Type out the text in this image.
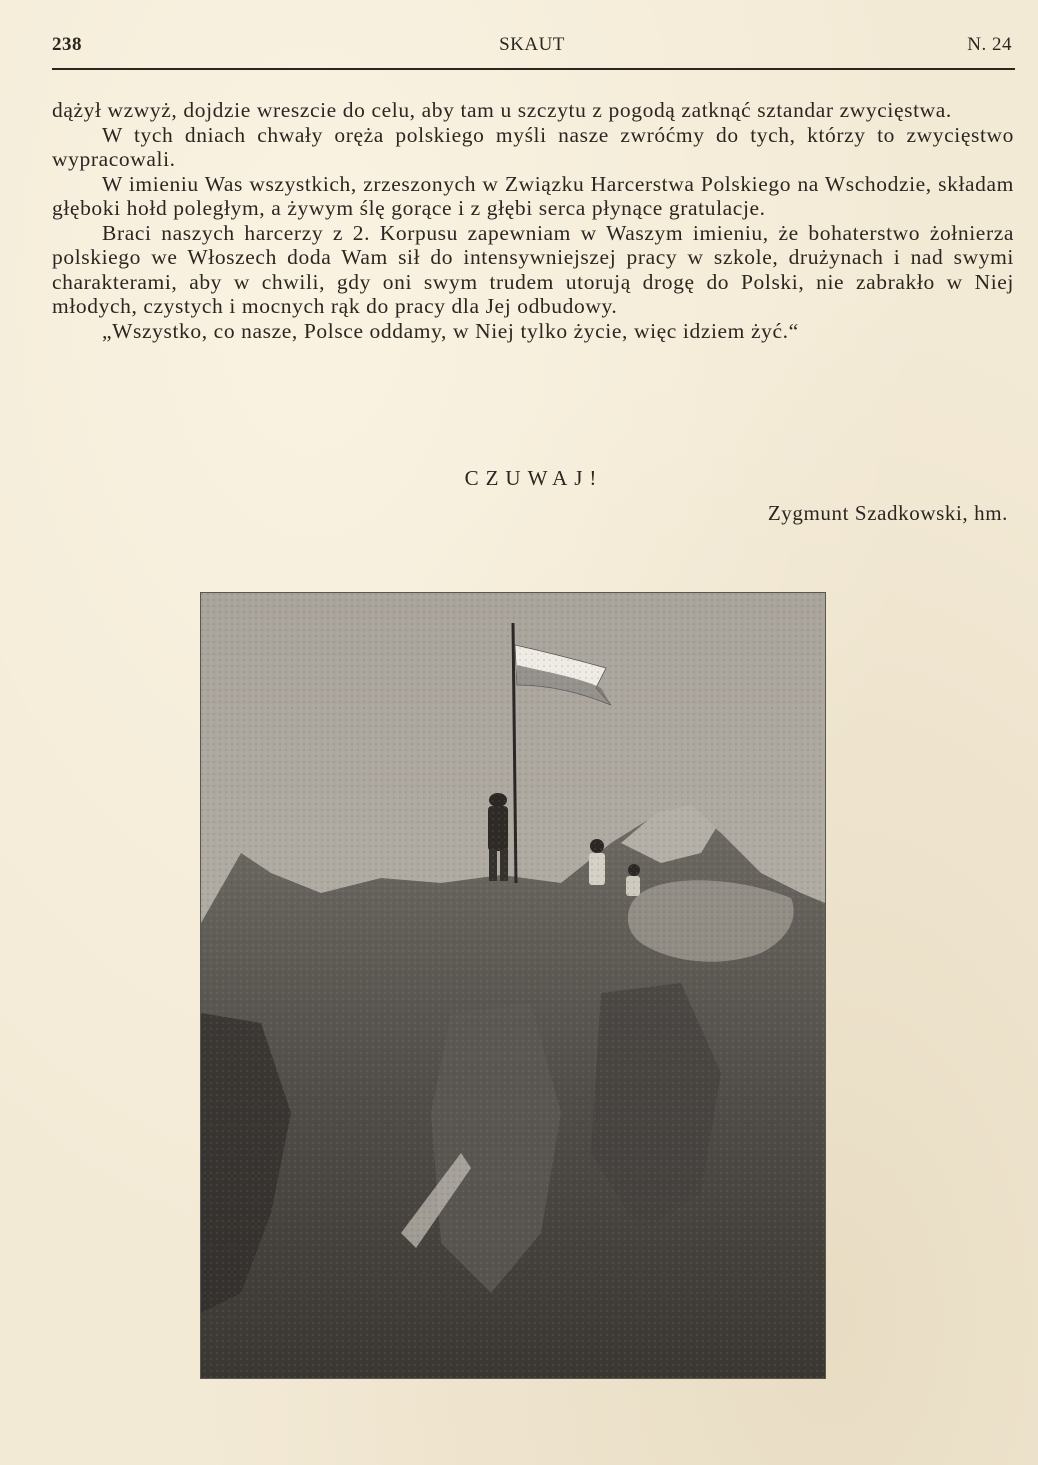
238	SKAUT	N. 24

dążył wzwyż, dojdzie wreszcie do celu, aby tam u szczytu z pogodą zatknąć sztandar zwycięstwa.

W tych dniach chwały oręża polskiego myśli nasze zwróćmy do tych, którzy to zwycięstwo wypracowali.

W imieniu Was wszystkich, zrzeszonych w Związku Harcerstwa Polskiego na Wschodzie, składam głęboki hołd poległym, a żywym ślę gorące i z głębi serca płynące gratulacje.

Braci naszych harcerzy z 2. Korpusu zapewniam w Waszym imieniu, że bohaterstwo żołnierza polskiego we Włoszech doda Wam sił do intensywniejszej pracy w szkole, drużynach i nad swymi charakterami, aby w chwili, gdy oni swym trudem utorują drogę do Polski, nie zabrakło w Niej młodych, czystych i mocnych rąk do pracy dla Jej odbudowy.

„Wszystko, co nasze, Polsce oddamy, w Niej tylko życie, więc idziem żyć.“

CZUWAJ!
Zygmunt Szadkowski, hm.
